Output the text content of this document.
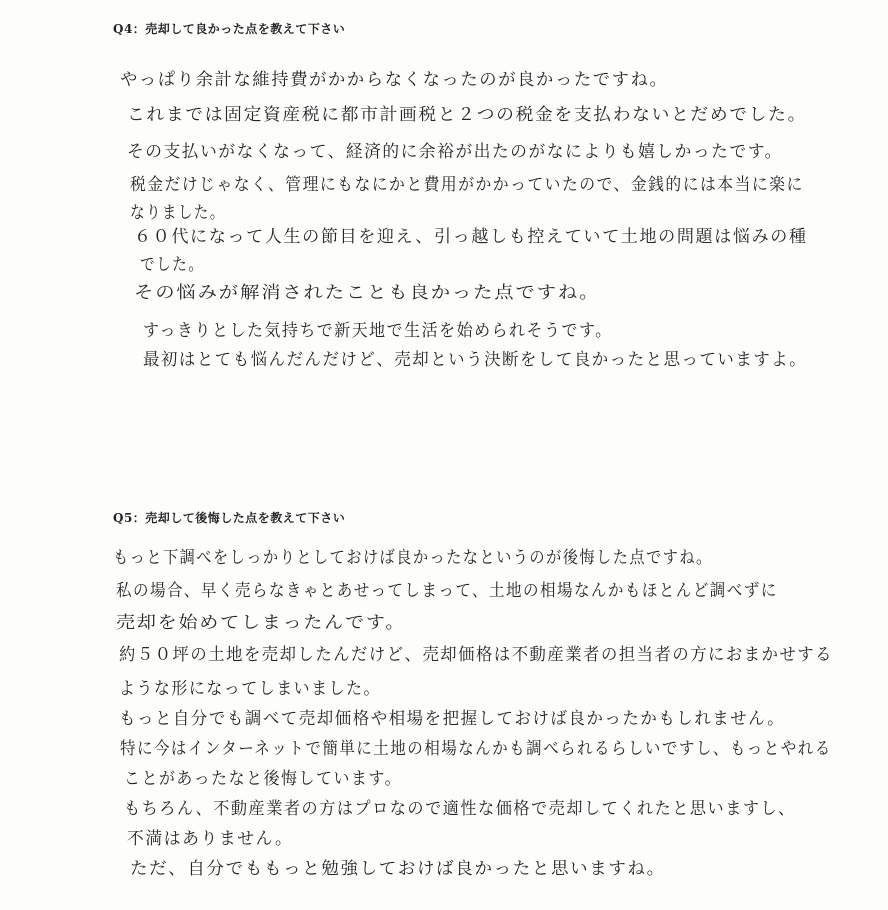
Q4：売却して良かった点を教えて下さい
やっぱり余計な維持費がかからなくなったのが良かったですね。
これまでは固定資産税に都市計画税と２つの税金を支払わないとだめでした。
その支払いがなくなって、経済的に余裕が出たのがなによりも嬉しかったです。
税金だけじゃなく、管理にもなにかと費用がかかっていたので、金銭的には本当に楽に
なりました。
６０代になって人生の節目を迎え、引っ越しも控えていて土地の問題は悩みの種
でした。
その悩みが解消されたことも良かった点ですね。
すっきりとした気持ちで新天地で生活を始められそうです。
最初はとても悩んだんだけど、売却という決断をして良かったと思っていますよ。
Q5：売却して後悔した点を教えて下さい
もっと下調べをしっかりとしておけば良かったなというのが後悔した点ですね。
私の場合、早く売らなきゃとあせってしまって、土地の相場なんかもほとんど調べずに
売却を始めてしまったんです。
約５０坪の土地を売却したんだけど、売却価格は不動産業者の担当者の方におまかせする
ような形になってしまいました。
もっと自分でも調べて売却価格や相場を把握しておけば良かったかもしれません。
特に今はインターネットで簡単に土地の相場なんかも調べられるらしいですし、もっとやれる
ことがあったなと後悔しています。
もちろん、不動産業者の方はプロなので適性な価格で売却してくれたと思いますし、
不満はありません。
ただ、自分でももっと勉強しておけば良かったと思いますね。
